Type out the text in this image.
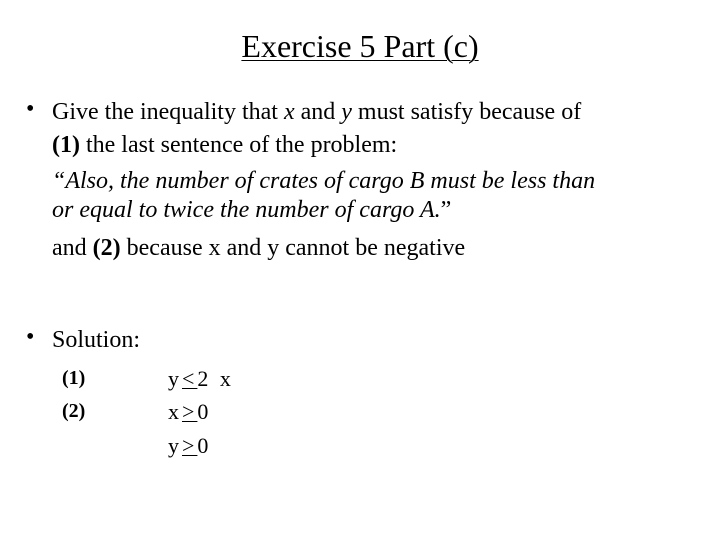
Exercise 5 Part (c)
• Give the inequality that x and y must satisfy because of
(1) the last sentence of the problem:
“Also, the number of crates of cargo B must be less than
or equal to twice the number of cargo A.”
and (2) because x and y cannot be negative
• Solution:
(1)
(2)
y<2 x
x>0
y>0
